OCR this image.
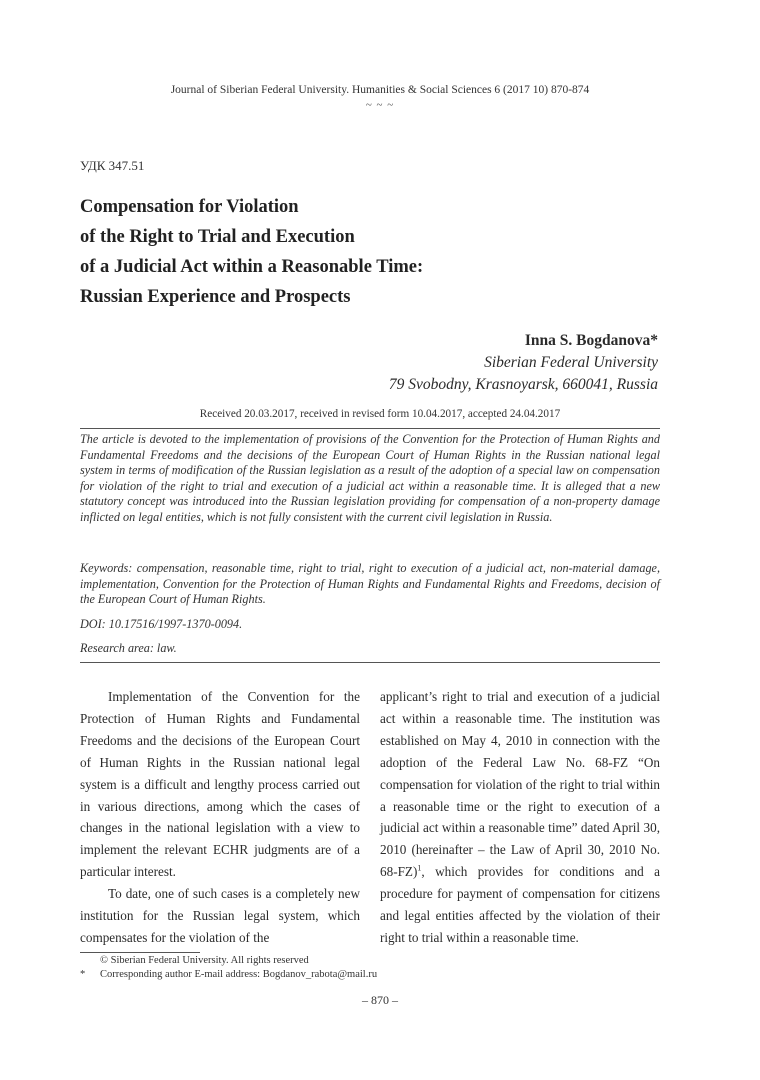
Journal of Siberian Federal University. Humanities & Social Sciences 6 (2017 10) 870-874
~ ~ ~
УДК 347.51
Compensation for Violation
of the Right to Trial and Execution
of a Judicial Act within a Reasonable Time:
Russian Experience and Prospects
Inna S. Bogdanova*
Siberian Federal University
79 Svobodny, Krasnoyarsk, 660041, Russia
Received 20.03.2017, received in revised form 10.04.2017, accepted 24.04.2017
The article is devoted to the implementation of provisions of the Convention for the Protection of Human Rights and Fundamental Freedoms and the decisions of the European Court of Human Rights in the Russian national legal system in terms of modification of the Russian legislation as a result of the adoption of a special law on compensation for violation of the right to trial and execution of a judicial act within a reasonable time. It is alleged that a new statutory concept was introduced into the Russian legislation providing for compensation of a non-property damage inflicted on legal entities, which is not fully consistent with the current civil legislation in Russia.
Keywords: compensation, reasonable time, right to trial, right to execution of a judicial act, non-material damage, implementation, Convention for the Protection of Human Rights and Fundamental Rights and Freedoms, decision of the European Court of Human Rights.
DOI: 10.17516/1997-1370-0094.
Research area: law.

Implementation of the Convention for the Protection of Human Rights and Fundamental Freedoms and the decisions of the European Court of Human Rights in the Russian national legal system is a difficult and lengthy process carried out in various directions, among which the cases of changes in the national legislation with a view to implement the relevant ECHR judgments are of a particular interest.

To date, one of such cases is a completely new institution for the Russian legal system, which compensates for the violation of the

applicant’s right to trial and execution of a judicial act within a reasonable time. The institution was established on May 4, 2010 in connection with the adoption of the Federal Law No. 68-FZ “On compensation for violation of the right to trial within a reasonable time or the right to execution of a judicial act within a reasonable time” dated April 30, 2010 (hereinafter – the Law of April 30, 2010 No. 68-FZ)$^1$, which provides for conditions and a procedure for payment of compensation for citizens and legal entities affected by the violation of their right to trial within a reasonable time.

© Siberian Federal University. All rights reserved
* Corresponding author E-mail address: Bogdanov_rabota@mail.ru
– 870 –
